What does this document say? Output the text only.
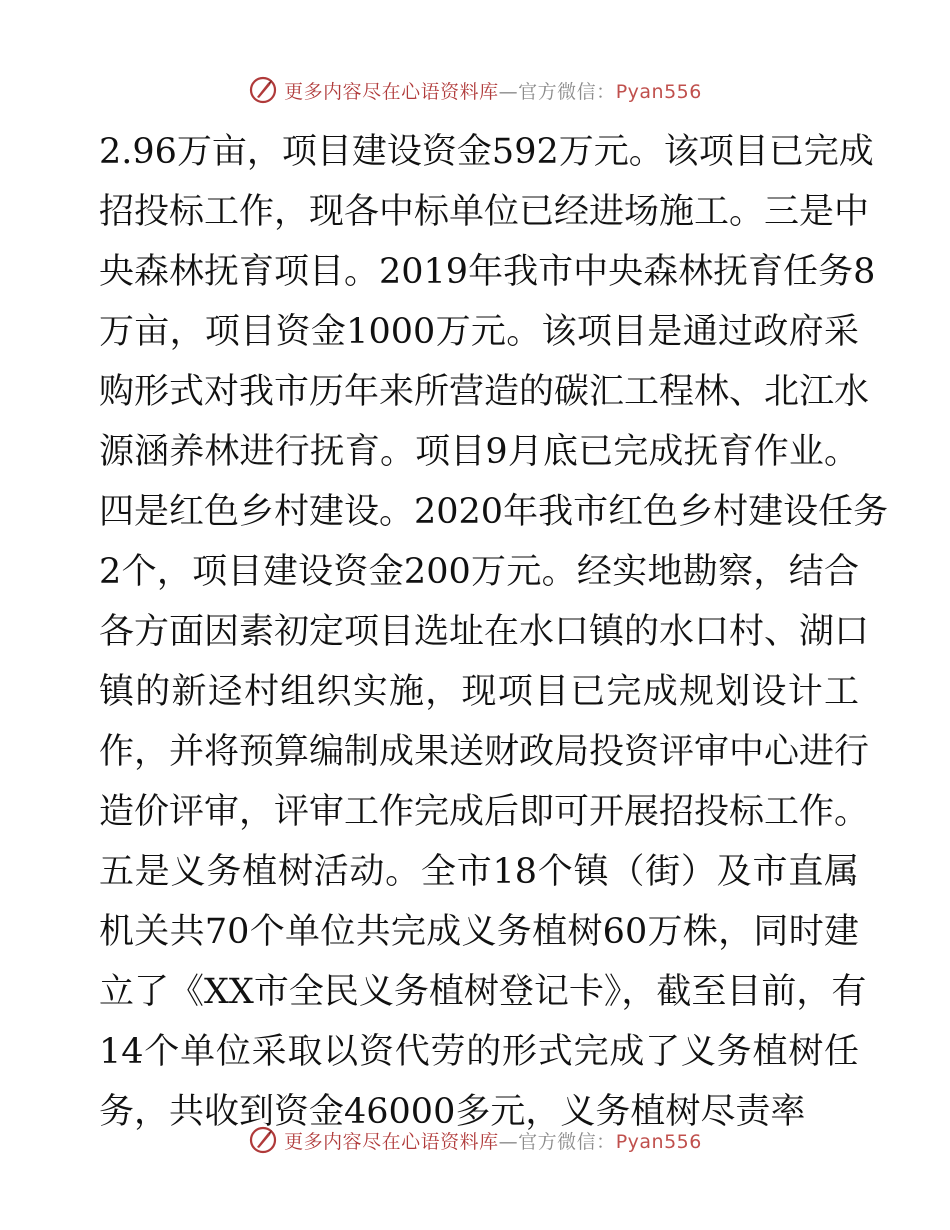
更多内容尽在心语资料库—官方微信：Pyan556
2.96万亩，项目建设资金592万元。该项目已完成
招投标工作，现各中标单位已经进场施工。三是中
央森林抚育项目。2019年我市中央森林抚育任务8
万亩，项目资金1000万元。该项目是通过政府采
购形式对我市历年来所营造的碳汇工程林、北江水
源涵养林进行抚育。项目9月底已完成抚育作业。
四是红色乡村建设。2020年我市红色乡村建设任务
2个，项目建设资金200万元。经实地勘察，结合
各方面因素初定项目选址在水口镇的水口村、湖口
镇的新迳村组织实施，现项目已完成规划设计工
作，并将预算编制成果送财政局投资评审中心进行
造价评审，评审工作完成后即可开展招投标工作。
五是义务植树活动。全市18个镇（街）及市直属
机关共70个单位共完成义务植树60万株，同时建
立了《XX市全民义务植树登记卡》，截至目前，有
14个单位采取以资代劳的形式完成了义务植树任
务，共收到资金46000多元，义务植树尽责率
更多内容尽在心语资料库—官方微信：Pyan556
